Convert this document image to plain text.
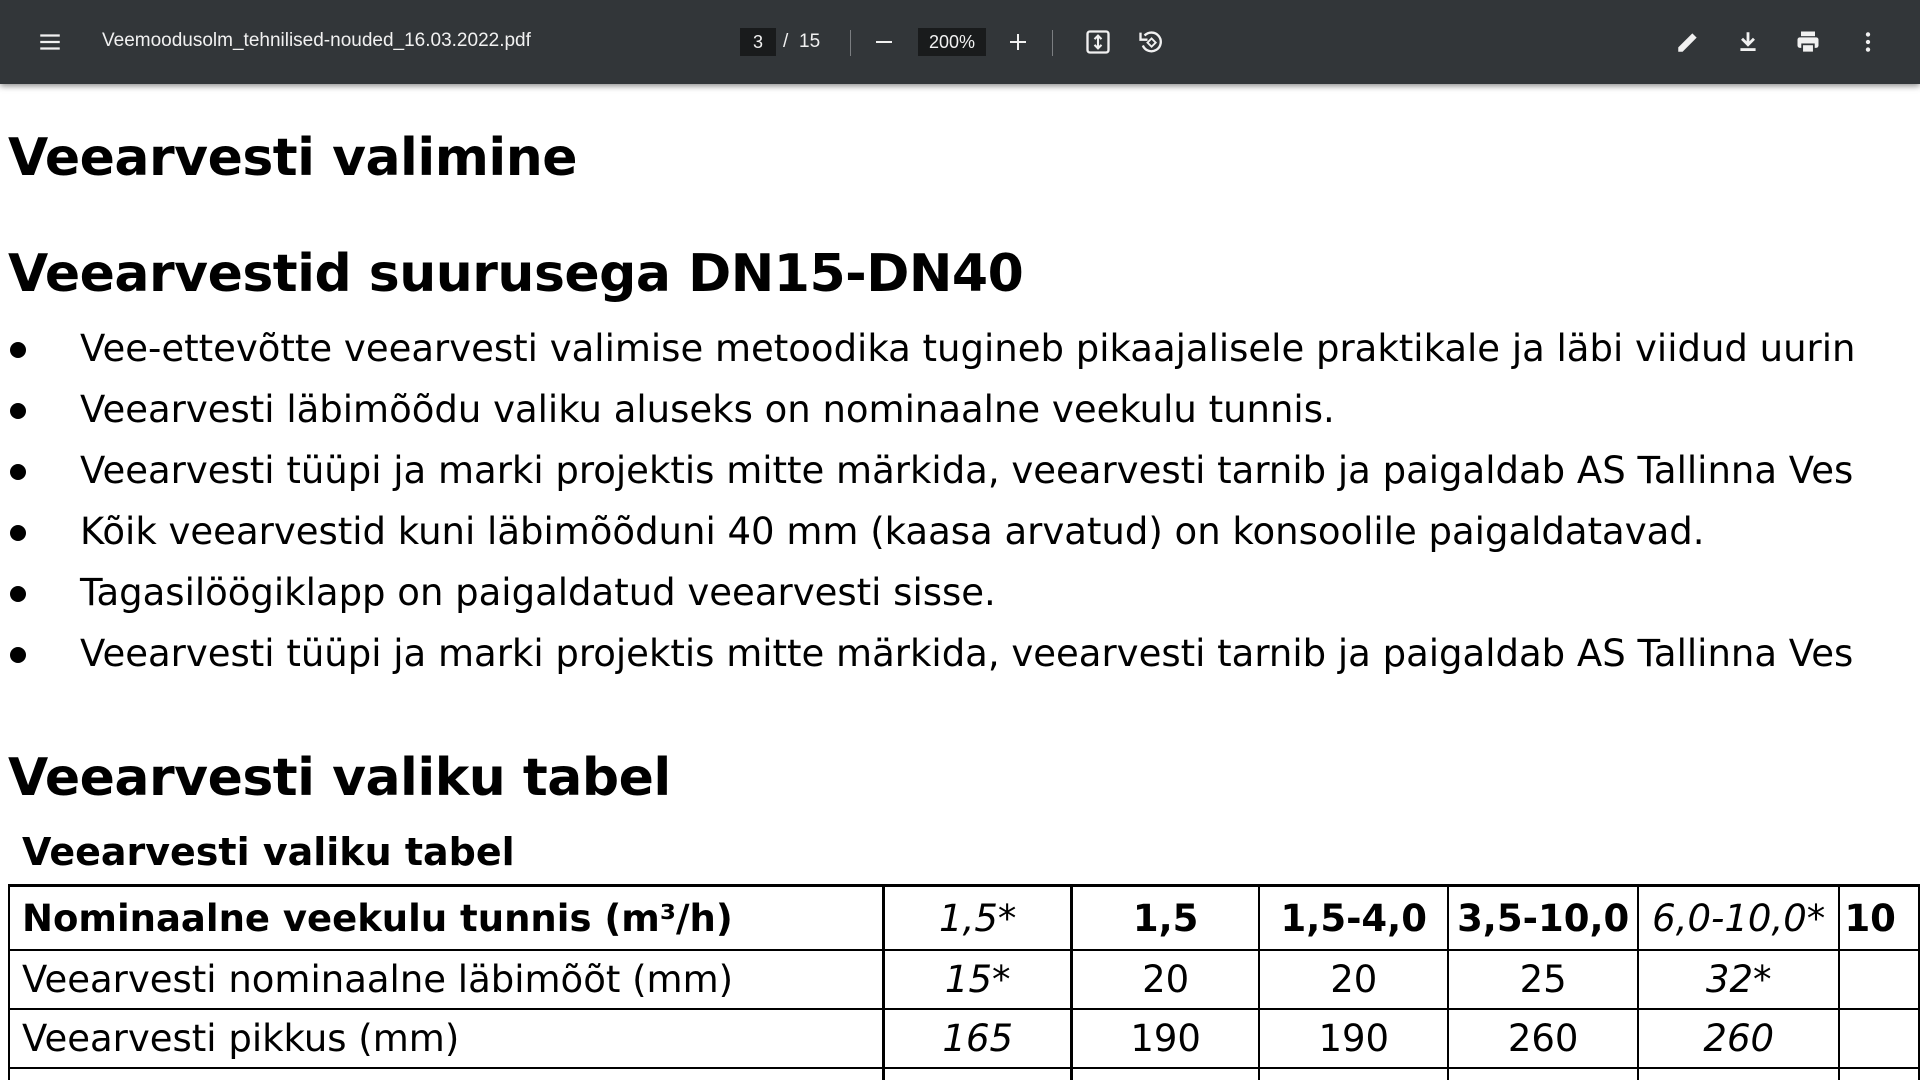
Veemoodusolm_tehnilised-nouded_16.03.2022.pdf
3	/ 15
200%
Veearvesti valimine
Veearvestid suurusega DN15-DN40
Vee-ettevõtte veearvesti valimise metoodika tugineb pikaajalisele praktikale ja läbi viidud uurin
Veearvesti läbimõõdu valiku aluseks on nominaalne veekulu tunnis.
Veearvesti tüüpi ja marki projektis mitte märkida, veearvesti tarnib ja paigaldab AS Tallinna Ves
Kõik veearvestid kuni läbimõõduni 40 mm (kaasa arvatud) on konsoolile paigaldatavad.
Tagasilöögiklapp on paigaldatud veearvesti sisse.
Veearvesti tüüpi ja marki projektis mitte märkida, veearvesti tarnib ja paigaldab AS Tallinna Ves
Veearvesti valiku tabel
Veearvesti valiku tabel
Nominaalne veekulu tunnis (m³/h)	1,5*	1,5	1,5-4,0	3,5-10,0	6,0-10,0*	10
Veearvesti nominaalne läbimõõt (mm)	15*	20	20	25	32*	
Veearvesti pikkus (mm)	165	190	190	260	260	
